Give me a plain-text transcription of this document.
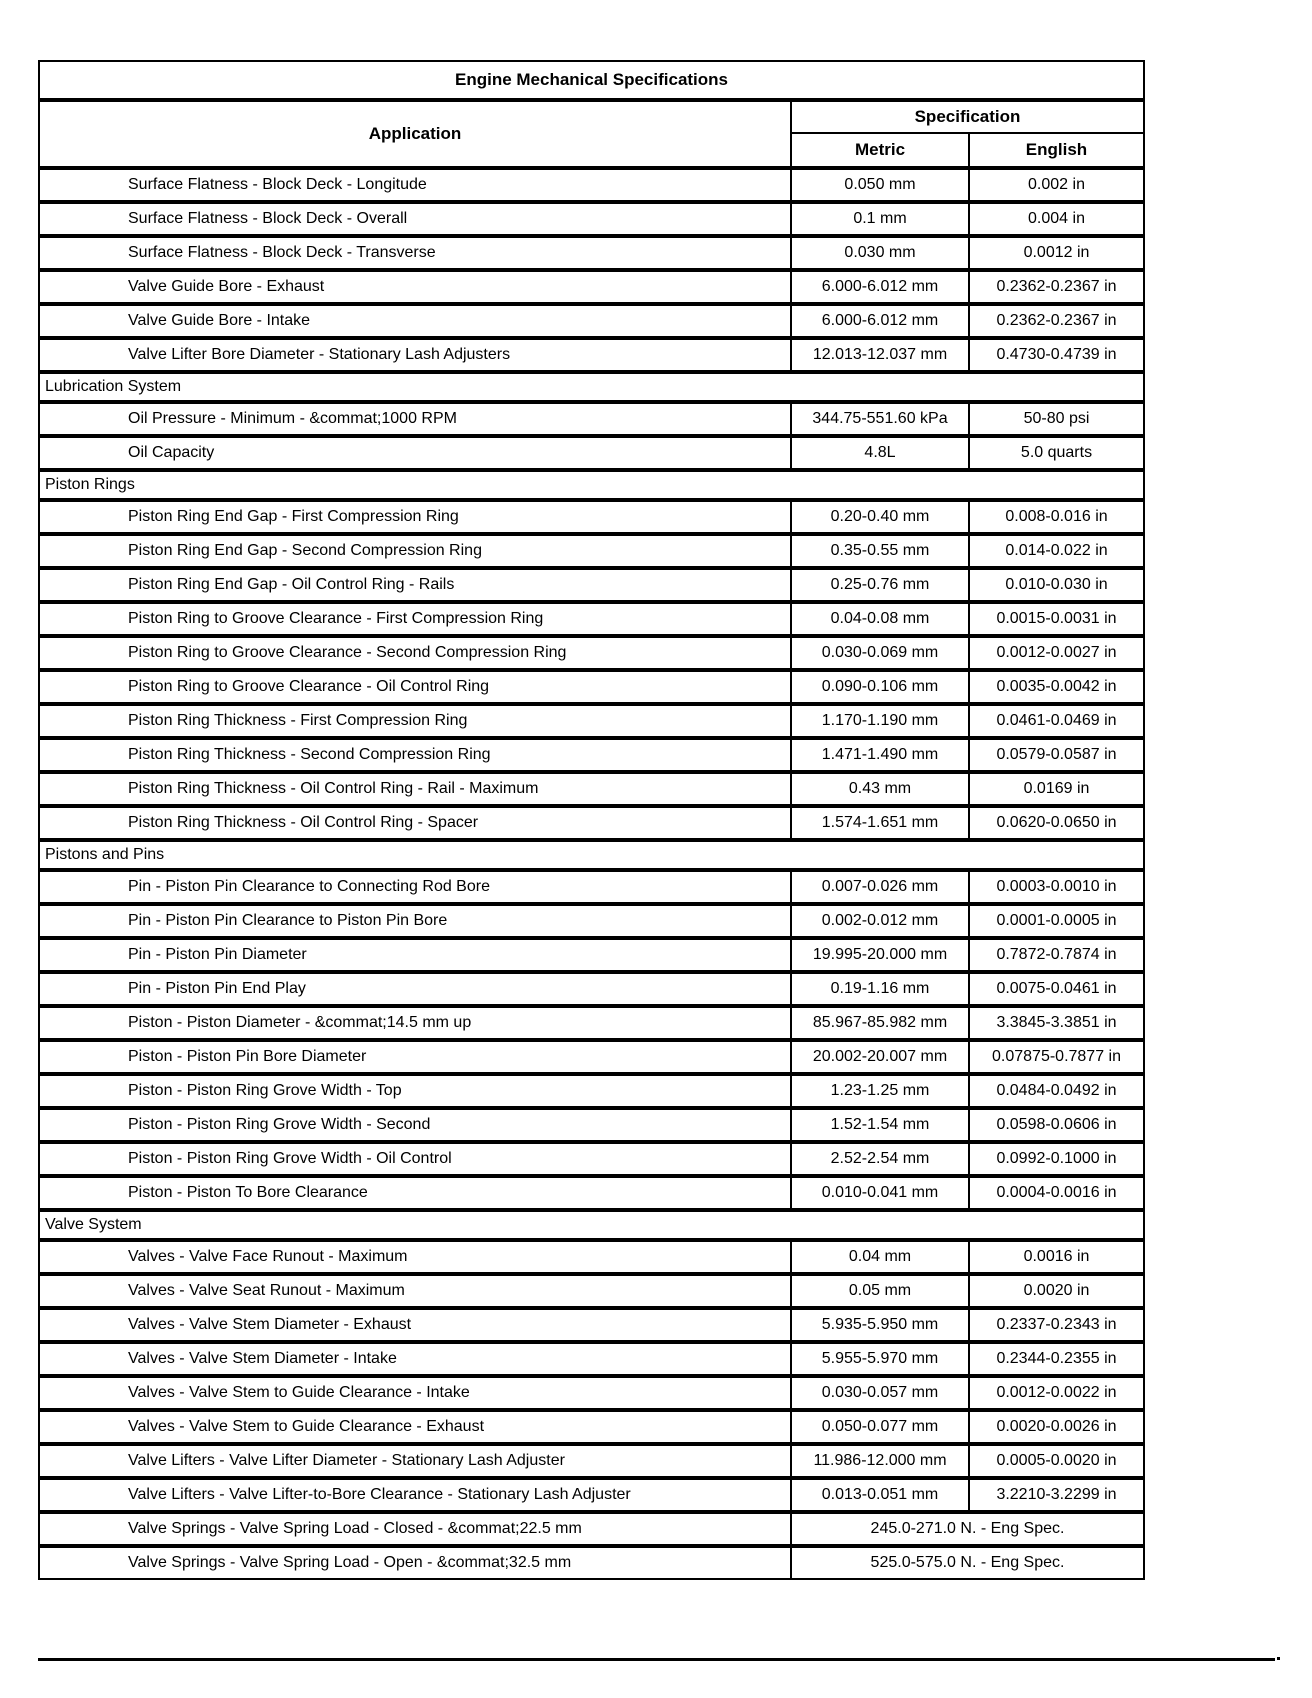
Engine Mechanical Specifications
Application
Specification
Metric	English
Surface Flatness - Block Deck - Longitude	0.050 mm	0.002 in
Surface Flatness - Block Deck - Overall	0.1 mm	0.004 in
Surface Flatness - Block Deck - Transverse	0.030 mm	0.0012 in
Valve Guide Bore - Exhaust	6.000-6.012 mm	0.2362-0.2367 in
Valve Guide Bore - Intake	6.000-6.012 mm	0.2362-0.2367 in
Valve Lifter Bore Diameter - Stationary Lash Adjusters	12.013-12.037 mm	0.4730-0.4739 in
Lubrication System
Oil Pressure - Minimum - &commat;1000 RPM	344.75-551.60 kPa	50-80 psi
Oil Capacity	4.8L	5.0 quarts
Piston Rings
Piston Ring End Gap - First Compression Ring	0.20-0.40 mm	0.008-0.016 in
Piston Ring End Gap - Second Compression Ring	0.35-0.55 mm	0.014-0.022 in
Piston Ring End Gap - Oil Control Ring - Rails	0.25-0.76 mm	0.010-0.030 in
Piston Ring to Groove Clearance - First Compression Ring	0.04-0.08 mm	0.0015-0.0031 in
Piston Ring to Groove Clearance - Second Compression Ring	0.030-0.069 mm	0.0012-0.0027 in
Piston Ring to Groove Clearance - Oil Control Ring	0.090-0.106 mm	0.0035-0.0042 in
Piston Ring Thickness - First Compression Ring	1.170-1.190 mm	0.0461-0.0469 in
Piston Ring Thickness - Second Compression Ring	1.471-1.490 mm	0.0579-0.0587 in
Piston Ring Thickness - Oil Control Ring - Rail - Maximum	0.43 mm	0.0169 in
Piston Ring Thickness - Oil Control Ring - Spacer	1.574-1.651 mm	0.0620-0.0650 in
Pistons and Pins
Pin - Piston Pin Clearance to Connecting Rod Bore	0.007-0.026 mm	0.0003-0.0010 in
Pin - Piston Pin Clearance to Piston Pin Bore	0.002-0.012 mm	0.0001-0.0005 in
Pin - Piston Pin Diameter	19.995-20.000 mm	0.7872-0.7874 in
Pin - Piston Pin End Play	0.19-1.16 mm	0.0075-0.0461 in
Piston - Piston Diameter - &commat;14.5 mm up	85.967-85.982 mm	3.3845-3.3851 in
Piston - Piston Pin Bore Diameter	20.002-20.007 mm	0.07875-0.7877 in
Piston - Piston Ring Grove Width - Top	1.23-1.25 mm	0.0484-0.0492 in
Piston - Piston Ring Grove Width - Second	1.52-1.54 mm	0.0598-0.0606 in
Piston - Piston Ring Grove Width - Oil Control	2.52-2.54 mm	0.0992-0.1000 in
Piston - Piston To Bore Clearance	0.010-0.041 mm	0.0004-0.0016 in
Valve System
Valves - Valve Face Runout - Maximum	0.04 mm	0.0016 in
Valves - Valve Seat Runout - Maximum	0.05 mm	0.0020 in
Valves - Valve Stem Diameter - Exhaust	5.935-5.950 mm	0.2337-0.2343 in
Valves - Valve Stem Diameter - Intake	5.955-5.970 mm	0.2344-0.2355 in
Valves - Valve Stem to Guide Clearance - Intake	0.030-0.057 mm	0.0012-0.0022 in
Valves - Valve Stem to Guide Clearance - Exhaust	0.050-0.077 mm	0.0020-0.0026 in
Valve Lifters - Valve Lifter Diameter - Stationary Lash Adjuster	11.986-12.000 mm	0.0005-0.0020 in
Valve Lifters - Valve Lifter-to-Bore Clearance - Stationary Lash Adjuster	0.013-0.051 mm	3.2210-3.2299 in
Valve Springs - Valve Spring Load - Closed - &commat;22.5 mm	245.0-271.0 N. - Eng Spec.
Valve Springs - Valve Spring Load - Open - &commat;32.5 mm	525.0-575.0 N. - Eng Spec.
